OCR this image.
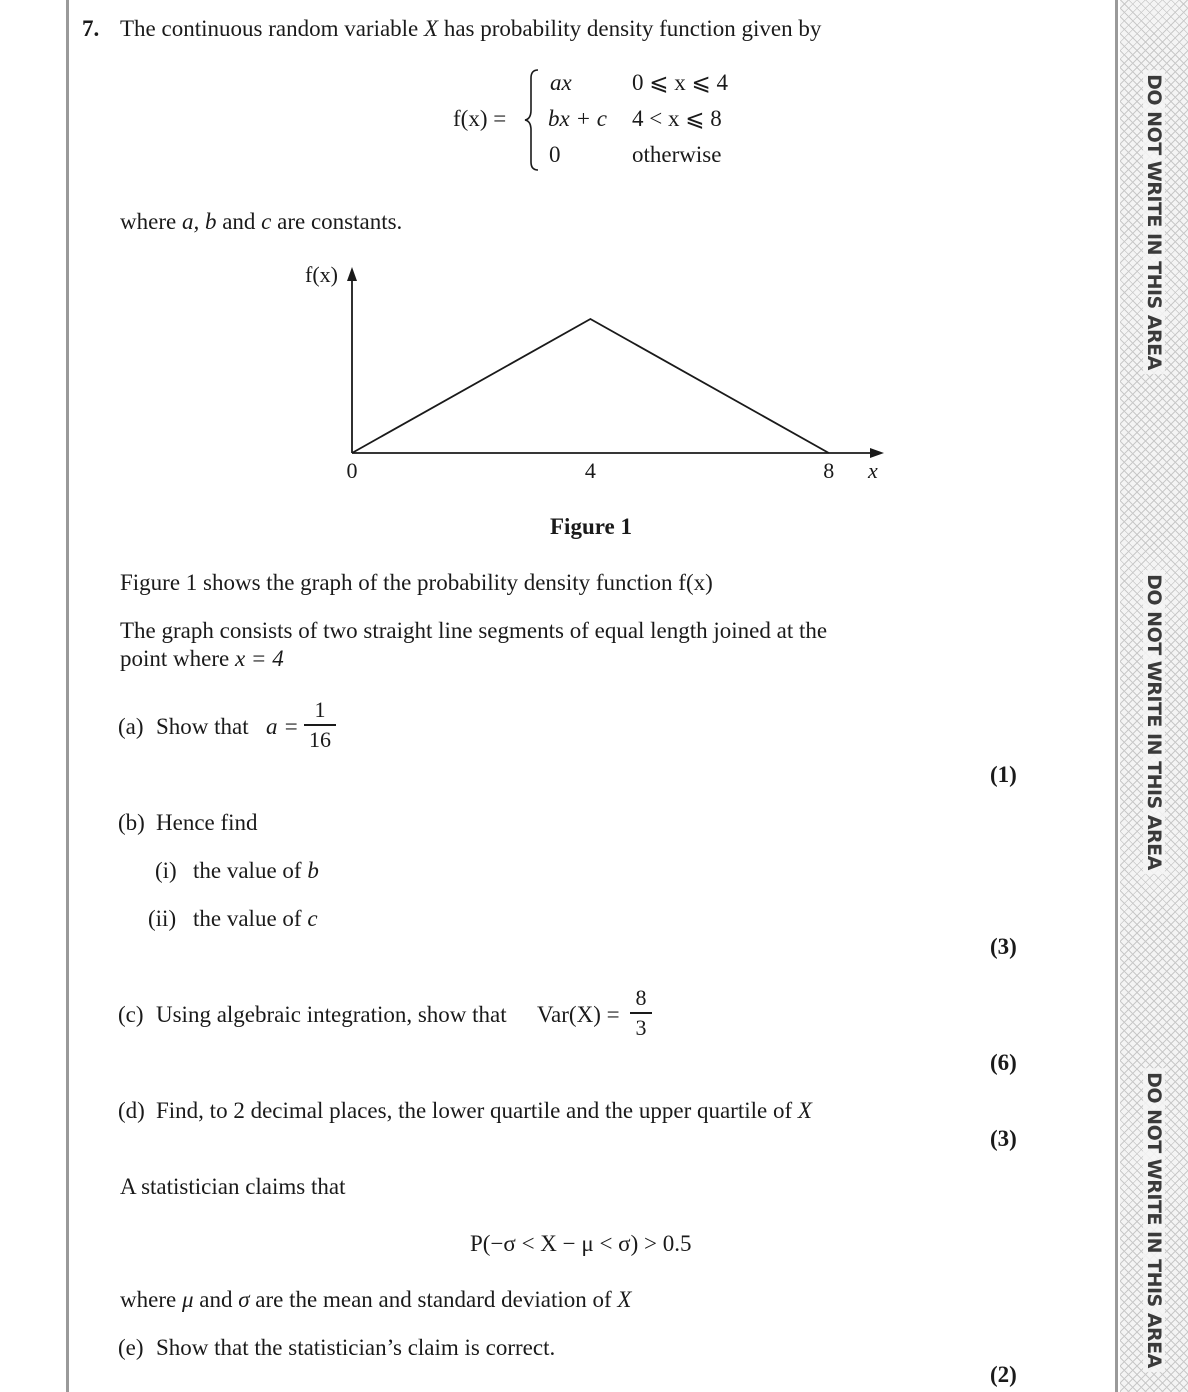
DO NOT WRITE IN THIS AREA
DO NOT WRITE IN THIS AREA
DO NOT WRITE IN THIS AREA
7. The continuous random variable X has probability density function given by
f(x) =
ax	0 ⩽ x ⩽ 4
bx + c 4 < x ⩽ 8
0	otherwise
where a, b and c are constants.
f(x)
x
0	4	8
Figure 1
Figure 1 shows the graph of the probability density function f(x)
The graph consists of two straight line segments of equal length joined at the
point where x = 4
(a) Show that a =
1
16
(1)
(b) Hence find
(i) the value of b
(ii) the value of c
(3)
(c) Using algebraic integration, show that Var(X) =
8
3
(6)
(d) Find, to 2 decimal places, the lower quartile and the upper quartile of X
(3)
A statistician claims that
P(−σ < X − μ < σ) > 0.5
where μ and σ are the mean and standard deviation of X
(e) Show that the statistician’s claim is correct.
(2)
